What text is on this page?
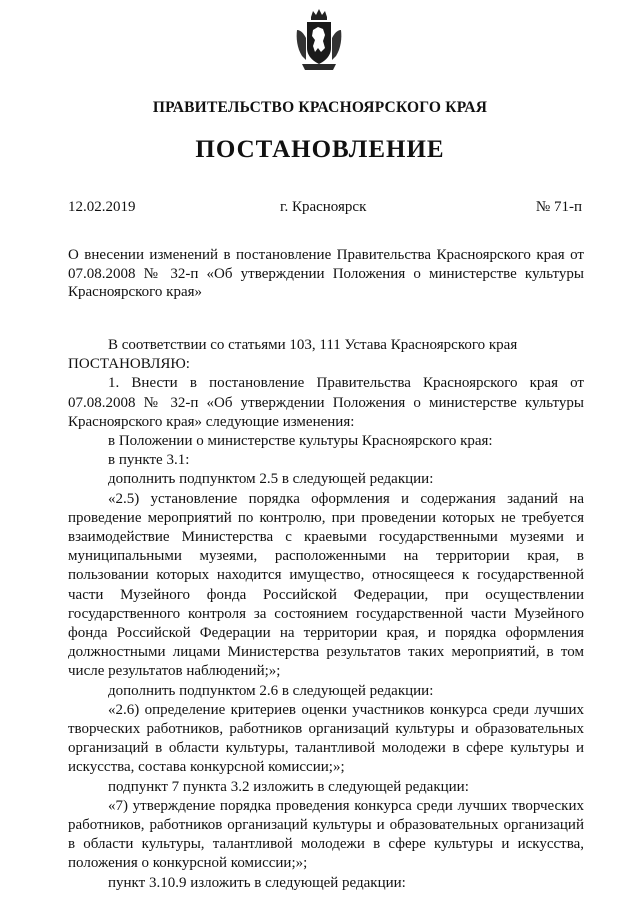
ПРАВИТЕЛЬСТВО КРАСНОЯРСКОГО КРАЯ
ПОСТАНОВЛЕНИЕ
12.02.2019	г. Красноярск	№ 71-п
О внесении изменений в постановление Правительства Красноярского края от 07.08.2008 № 32-п «Об утверждении Положения о министерстве культуры Красноярского края»

В соответствии со статьями 103, 111 Устава Красноярского края

ПОСТАНОВЛЯЮ:

1. Внести в постановление Правительства Красноярского края от 07.08.2008 № 32-п «Об утверждении Положения о министерстве культуры Красноярского края» следующие изменения:

в Положении о министерстве культуры Красноярского края:

в пункте 3.1:

дополнить подпунктом 2.5 в следующей редакции:

«2.5) установление порядка оформления и содержания заданий на проведение мероприятий по контролю, при проведении которых не требуется взаимодействие Министерства с краевыми государственными музеями и муниципальными музеями, расположенными на территории края, в пользовании которых находится имущество, относящееся к государственной части Музейного фонда Российской Федерации, при осуществлении государственного контроля за состоянием государственной части Музейного фонда Российской Федерации на территории края, и порядка оформления должностными лицами Министерства результатов таких мероприятий, в том числе результатов наблюдений;»;

дополнить подпунктом 2.6 в следующей редакции:

«2.6) определение критериев оценки участников конкурса среди лучших творческих работников, работников организаций культуры и образовательных организаций в области культуры, талантливой молодежи в сфере культуры и искусства, состава конкурсной комиссии;»;

подпункт 7 пункта 3.2 изложить в следующей редакции:

«7) утверждение порядка проведения конкурса среди лучших творческих работников, работников организаций культуры и образовательных организаций в области культуры, талантливой молодежи в сфере культуры и искусства, положения о конкурсной комиссии;»;

пункт 3.10.9 изложить в следующей редакции:
